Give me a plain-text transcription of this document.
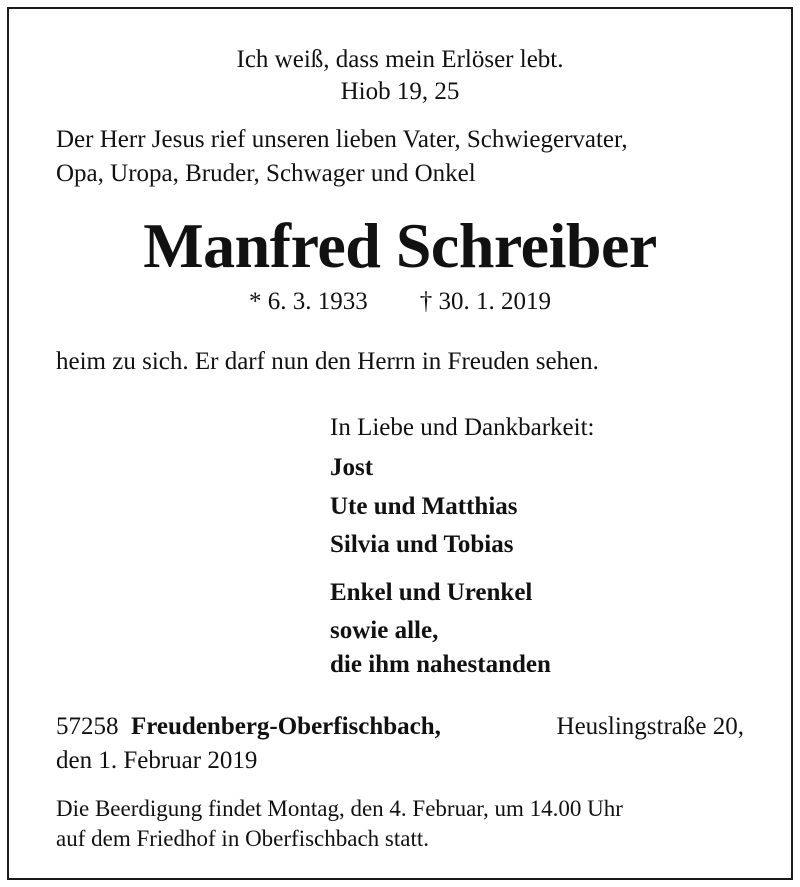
Ich weiß, dass mein Erlöser lebt.

Hiob 19, 25

Der Herr Jesus rief unseren lieben Vater, Schwiegervater,

Opa, Uropa, Bruder, Schwager und Onkel

Manfred Schreiber

* 6. 3. 1933 † 30. 1. 2019

heim zu sich. Er darf nun den Herrn in Freuden sehen.

In Liebe und Dankbarkeit:

Jost

Ute und Matthias

Silvia und Tobias

Enkel und Urenkel

sowie alle,

die ihm nahestanden

57258 Freudenberg-Oberfischbach,	Heuslingstraße 20,

den 1. Februar 2019

Die Beerdigung findet Montag, den 4. Februar, um 14.00 Uhr

auf dem Friedhof in Oberfischbach statt.
